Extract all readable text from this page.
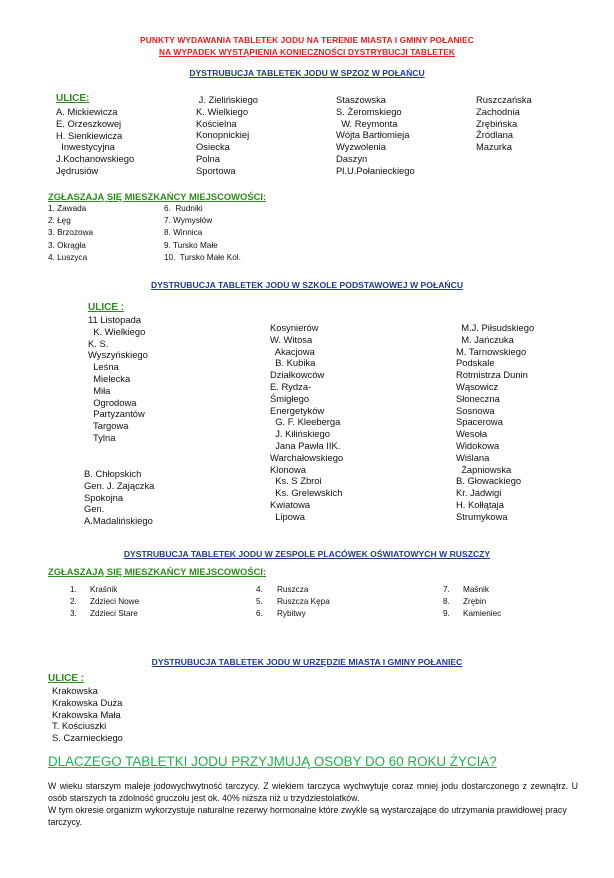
PUNKTY WYDAWANIA TABLETEK JODU NA TERENIE MIASTA I GMINY POŁANIEC
NA WYPADEK WYSTĄPIENIA KONIECZNOŚCI DYSTRYBUCJI TABLETEK
DYSTRUBUCJA TABLETEK JODU W SPZOZ W POŁAŃCU
ULICE:
A. Mickiewicza
E. Orzeszkowej
H. Sienkiewicza
Inwestycyjna
J.Kochanowskiego
Jędrusiów
J. Zielińskiego
K. Wielkiego
Kościelna
Konopnickiej
Osiecka
Polna
Sportowa
Staszowska
S. Żeromskiego
W. Reymonta
Wójta Bartłomieja
Wyzwolenia
Daszyn
Pl.U.Połanieckiego
Ruszczańska
Zachodnia
Zrębińska
Źródlana
Mazurka
ZGŁASZAJĄ SIĘ MIESZKAŃCY MIEJSCOWOŚCI:
1. Zawada
2. Łęg
3. Brzozowa
3. Okrągła
4. Luszyca
6.  Rudniki
7. Wymysłów
8. Winnica
9. Tursko Małe
10.  Tursko Małe Kol.
DYSTRUBUCJA TABLETEK JODU W SZKOLE PODSTAWOWEJ W POŁAŃCU
ULICE :
11 Listopada
K. Wielkiego
K. S.
Wyszyńskiego
Leśna
Mielecka
Miła
Ogrodowa
Partyzantów
Targowa
Tylna
B. Chłopskich
Gen. J. Zajączka
Spokojna
Gen.
A.Madalińskiego
Kosynierów
W. Witosa
Akacjowa
B. Kubika
Działkowców
E. Rydza-
Śmigłego
Energetyków
G. F. Kleeberga
J. Kilińskiego
Jana Pawła IIK.
Warchałowskiego
Klonowa
Ks. S Zbroi
Ks. Grelewskich
Kwiatowa
Lipowa
M.J. Piłsudskiego
M. Jańczuka
M. Tarnowskiego
Podskale
Rotmistrza Dunin
Wąsowicz
Słoneczna
Sosnowa
Spacerowa
Wesoła
Widokowa
Wiślana
Żapniowska
B. Głowackiego
Kr. Jadwigi
H. Kołłątaja
Strumykowa
DYSTRUBUCJA TABLETEK JODU W ZESPOLE PLACÓWEK OŚWIATOWYCH W RUSZCZY
ZGŁASZAJĄ SIĘ MIESZKAŃCY MIEJSCOWOŚCI:
1.
2.
3.
Kraśnik
Zdzieci Nowe
Zdzieci Stare
4.
5.
6.
Ruszcza
Ruszcza Kępa
Rybitwy
7.
8.
9.
Maśnik
Zrębin
Kamieniec
DYSTRUBUCJA TABLETEK JODU W URZĘDZIE MIASTA I GMINY POŁANIEC
ULICE :
Krakowska
Krakowska Duża
Krakowska Mała
T. Kościuszki
S. Czarnieckiego
DLACZEGO TABLETKI JODU PRZYJMUJĄ OSOBY DO 60 ROKU ŻYCIA?
W wieku starszym maleje jodowychwytność tarczycy. Z wiekiem tarczyca wychwytuje coraz mniej jodu dostarczonego z zewnątrz. U osób starszych ta zdolność gruczołu jest ok. 40% niższa niż u trzydziestolatków.
W tym okresie organizm wykorzystuje naturalne rezerwy hormonalne które zwykle są wystarczające do utrzymania prawidłowej pracy tarczycy.
